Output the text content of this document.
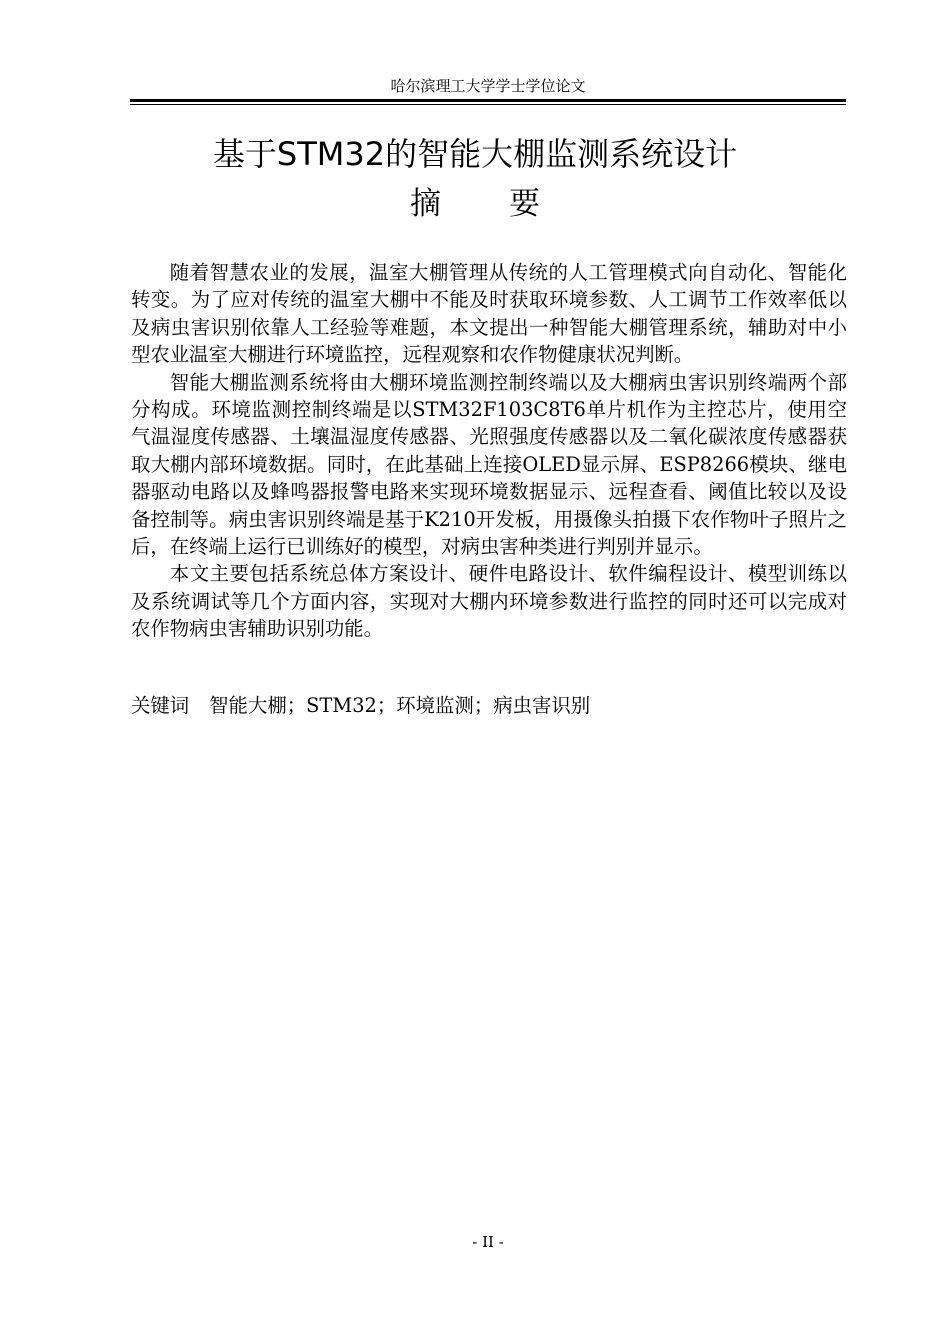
哈尔滨理工大学学士学位论文
基于STM32的智能大棚监测系统设计
摘要

随着智慧农业的发展，温室大棚管理从传统的人工管理模式向自动化、智能化转变。为了应对传统的温室大棚中不能及时获取环境参数、人工调节工作效率低以及病虫害识别依靠人工经验等难题，本文提出一种智能大棚管理系统，辅助对中小型农业温室大棚进行环境监控，远程观察和农作物健康状况判断。

智能大棚监测系统将由大棚环境监测控制终端以及大棚病虫害识别终端两个部分构成。环境监测控制终端是以STM32F103C8T6单片机作为主控芯片，使用空气温湿度传感器、土壤温湿度传感器、光照强度传感器以及二氧化碳浓度传感器获取大棚内部环境数据。同时，在此基础上连接OLED显示屏、ESP8266模块、继电器驱动电路以及蜂鸣器报警电路来实现环境数据显示、远程查看、阈值比较以及设备控制等。病虫害识别终端是基于K210开发板，用摄像头拍摄下农作物叶子照片之后，在终端上运行已训练好的模型，对病虫害种类进行判别并显示。

本文主要包括系统总体方案设计、硬件电路设计、软件编程设计、模型训练以及系统调试等几个方面内容，实现对大棚内环境参数进行监控的同时还可以完成对农作物病虫害辅助识别功能。

关键词 智能大棚；STM32；环境监测；病虫害识别
- II -
